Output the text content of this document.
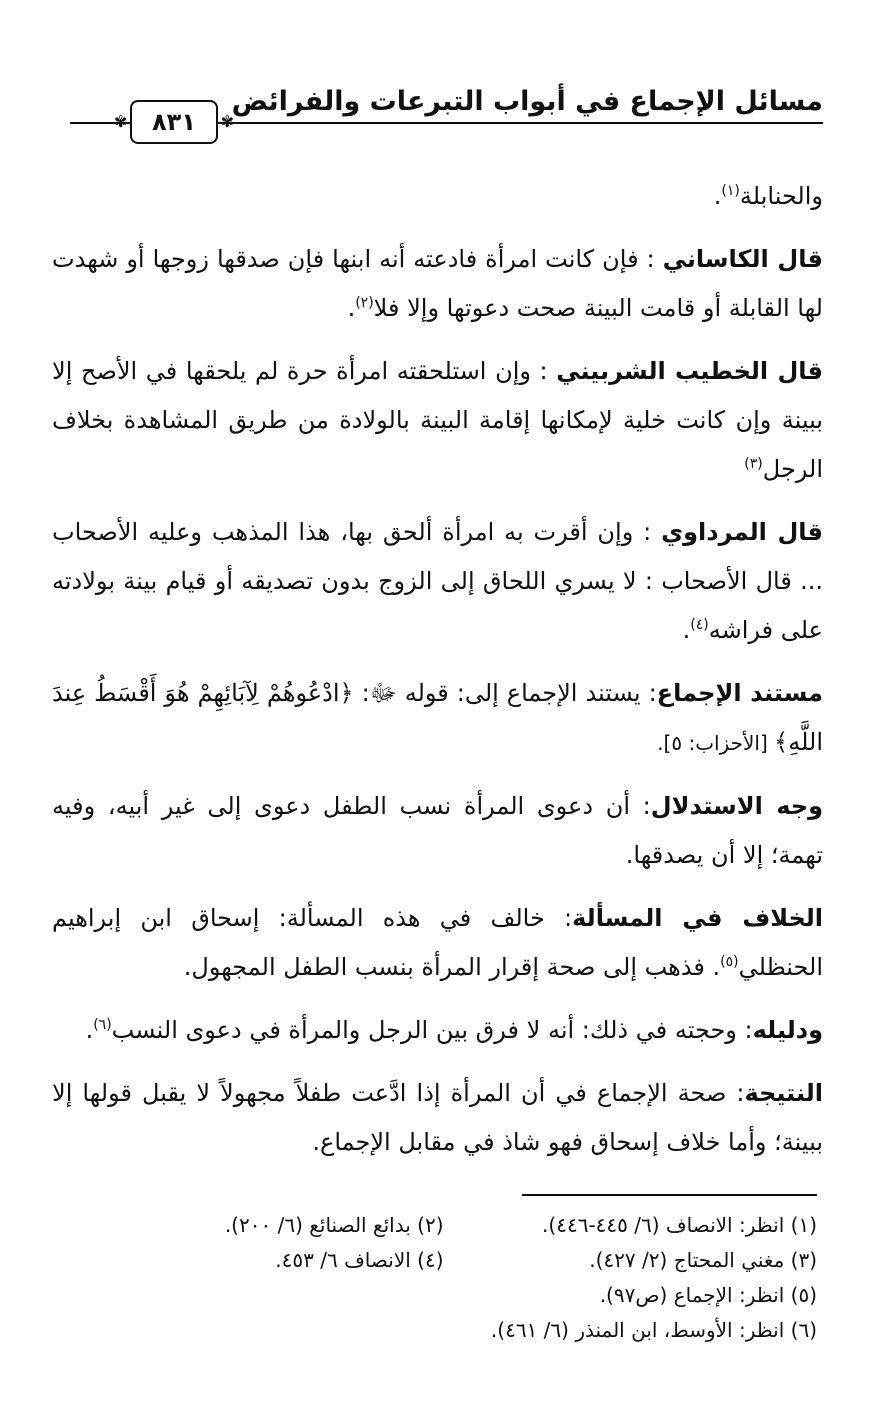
مسائل الإجماع في أبواب التبرعات والفرائض
✾ ٨٣١ ✾

والحنابلة$^{(١)}$.

قال الكاساني : فإن كانت امرأة فادعته أنه ابنها فإن صدقها زوجها أو شهدت لها القابلة أو قامت البينة صحت دعوتها وإلا فلا$^{(٢)}$.

قال الخطيب الشربيني : وإن استلحقته امرأة حرة لم يلحقها في الأصح إلا ببينة وإن كانت خلية لإمكانها إقامة البينة بالولادة من طريق المشاهدة بخلاف الرجل$^{(٣)}$

قال المرداوي : وإن أقرت به امرأة ألحق بها، هذا المذهب وعليه الأصحاب ... قال الأصحاب : لا يسري اللحاق إلى الزوج بدون تصديقه أو قيام بينة بولادته على فراشه$^{(٤)}$.

مستند الإجماع: يستند الإجماع إلى: قوله ﷻ: ﴿ادْعُوهُمْ لِآبَائِهِمْ هُوَ أَقْسَطُ عِندَ اللَّهِ﴾ [الأحزاب: ٥].

وجه الاستدلال: أن دعوى المرأة نسب الطفل دعوى إلى غير أبيه، وفيه تهمة؛ إلا أن يصدقها.

الخلاف في المسألة: خالف في هذه المسألة: إسحاق ابن إبراهيم الحنظلي$^{(٥)}$. فذهب إلى صحة إقرار المرأة بنسب الطفل المجهول.

ودليله: وحجته في ذلك: أنه لا فرق بين الرجل والمرأة في دعوى النسب$^{(٦)}$.

النتيجة: صحة الإجماع في أن المرأة إذا ادَّعت طفلاً مجهولاً لا يقبل قولها إلا ببينة؛ وأما خلاف إسحاق فهو شاذ في مقابل الإجماع.

(١) انظر: الانصاف (٦/ ٤٤٥-٤٤٦).
(٢) بدائع الصنائع (٦/ ٢٠٠).
(٣) مغني المحتاج (٢/ ٤٢٧).
(٤) الانصاف ٦/ ٤٥٣.
(٥) انظر: الإجماع (ص٩٧).
(٦) انظر: الأوسط، ابن المنذر (٦/ ٤٦١).
